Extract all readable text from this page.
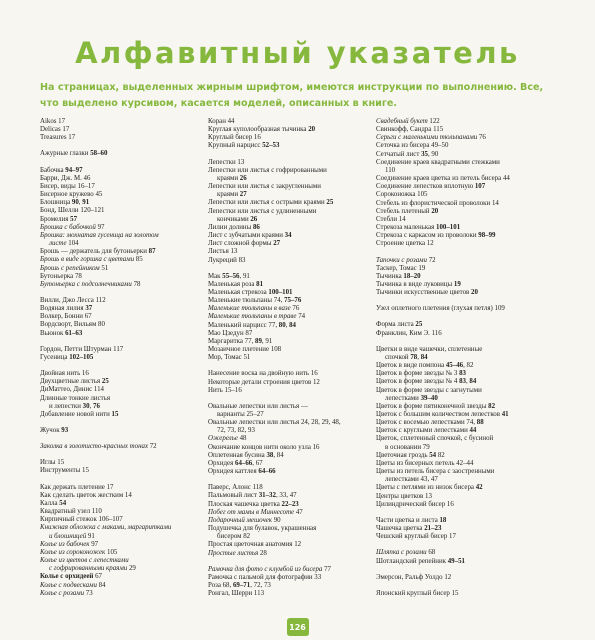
Алфавитный указатель

На страницах, выделенных жирным шрифтом, имеются инструкции по выполнению. Все, что выделено курсивом, касается моделей, описанных в книге.

Aikos 17
Delicas 17
Treasures 17
Ажурные глазки 58–60
Бабочка 94–97
Барри, Дж. М. 46
Бисер, виды 16–17
Бисерное кружево 45
Блошница 90, 91
Бонд, Шелли 120–121
Бромелия 57
Брошка с бабочкой 97
Брошка: мохнатая гусеница на золотом
листе 104
Брошь — держатель для бутоньерки 87
Брошь в виде горшка с цветами 85
Брошь с репейником 51
Бутоньерка 78
Бутоньерка с подсолнечниками 78
Вилли, Джо Лесса 112
Водяная лилия 37
Волкер, Бонни 67
Вордсворт, Вильям 80
Вьюнок 61–63
Гордон, Петти Штурман 117
Гусеница 102–105
Двойная нить 16
Двухцветные листья 25
ДиМаттео, Динис 114
Длинные тонкие листья
и лепестки 30, 76
Добавление новой нити 15
Жучок 93
Заколка в золотисто-красных тонах 72
Иглы 15
Инструменты 15
Как держать плетение 17
Как сделать цветок жестким 14
Калла 54
Квадратный узел 110
Кирпичный стежок 106–107
Книжная обложка с маками, маргаритками
и блошницей 91
Колье из бабочек 97
Колье из сороконожек 105
Колье из цветов с лепестками
с гофрированными краями 29
Колье с орхидеей 67
Колье с подвесками 84
Колье с розами 73
Коран 44
Круглая куполообразная тычинка 20
Круглый бисер 16
Крупный нарцисс 52–53
Лепестки 13
Лепестки или листья с гофрированными
краями 26
Лепестки или листья с закругленными
краями 27
Лепестки или листья с острыми краями 25
Лепестки или листья с удлиненными
кончиками 26
Лилии долины 86
Лист с зубчатыми краями 34
Лист сложной формы 27
Листья 13
Лукреций 83
Мак 55–56, 91
Маленькая роза 81
Маленькая стрекоза 100–101
Маленькие тюльпаны 74, 75–76
Маленькие тюльпаны в вазе 76
Маленькие тюльпаны в траве 74
Маленький нарцисс 77, 80, 84
Мао Цзедун 87
Маргаритка 77, 89, 91
Мозаичное плетение 108
Мор, Томас 51
Нанесение воска на двойную нить 16
Некоторые детали строения цветов 12
Нить 15–16
Овальные лепестки или листья —
варианты 25–27
Овальные лепестки или листья 24, 28, 29, 48,
72, 73, 82, 93
Ожерелье 48
Окончание концов нити около узла 16
Оплетенная бусина 38, 84
Орхидея 64–66, 67
Орхидея каттлея 64–66
Паверс, Алонс 118
Пальмовый лист 31–32, 33, 47
Плоская чашечка цветка 22–23
Побег от мамы в Миннесоте 47
Подарочный мешочек 90
Подушечка для булавок, украшенная
бисером 82
Простая цветочная анатомия 12
Простые листья 28
Рамочка для фото с клумбой из бисера 77
Рамочка с пальмой для фотографии 33
Роза 68, 69–71, 72, 73
Ронгал, Шерри 113
Свадебный букет 122
Свинкофф, Сандра 115
Серьги с маленькими тюльпанами 76
Сеточка из бисера 49–50
Сетчатый лист 35, 90
Соединение краев квадратными стежками
110
Соединение краев цветка из петель бисера 44
Соединение лепестков вплотную 107
Сороконожка 105
Стебель из флористической проволоки 14
Стебель плетеный 20
Стебли 14
Стрекоза маленькая 100–101
Стрекоза с каркасом из проволоки 98–99
Строение цветка 12
Тапочки с розами 72
Таскер, Томас 19
Тычинка 18–20
Тычинка в виде луковицы 19
Тычинки искусственные цветов 20
Узел оплетного плетения (глухая петля) 109
Форма листа 25
Франклин, Ким Э. 116
Цветки в виде чашечки, сплетенные
спочкой 78, 84
Цветок в виде помпона 45–46, 82
Цветок в форме звезды № 3 83
Цветок в форме звезды № 4 83, 84
Цветок в форме звезды с загнутыми
лепестками 39–40
Цветок в форме пятиконечной звезды 82
Цветок с большим количеством лепестков 41
Цветок с восемью лепестками 74, 88
Цветок с круглыми лепестками 44
Цветок, сплетенный спочкой, с бусиной
в основании 79
Цветочная гроздь 54 82
Цветы из бисерных петель 42–44
Цветы из петель бисера с заостренными
лепестками 43, 47
Цветы с петлями из низок бисера 42
Центры цветков 13
Цилиндрический бисер 16
Части цветка и листа 18
Чашечка цветка 21–23
Чешский круглый бисер 17
Шляпка с розами 68
Шотландский репейник 49–51
Эмерсон, Ральф Уолдо 12
Японский круглый бисер 15
126
